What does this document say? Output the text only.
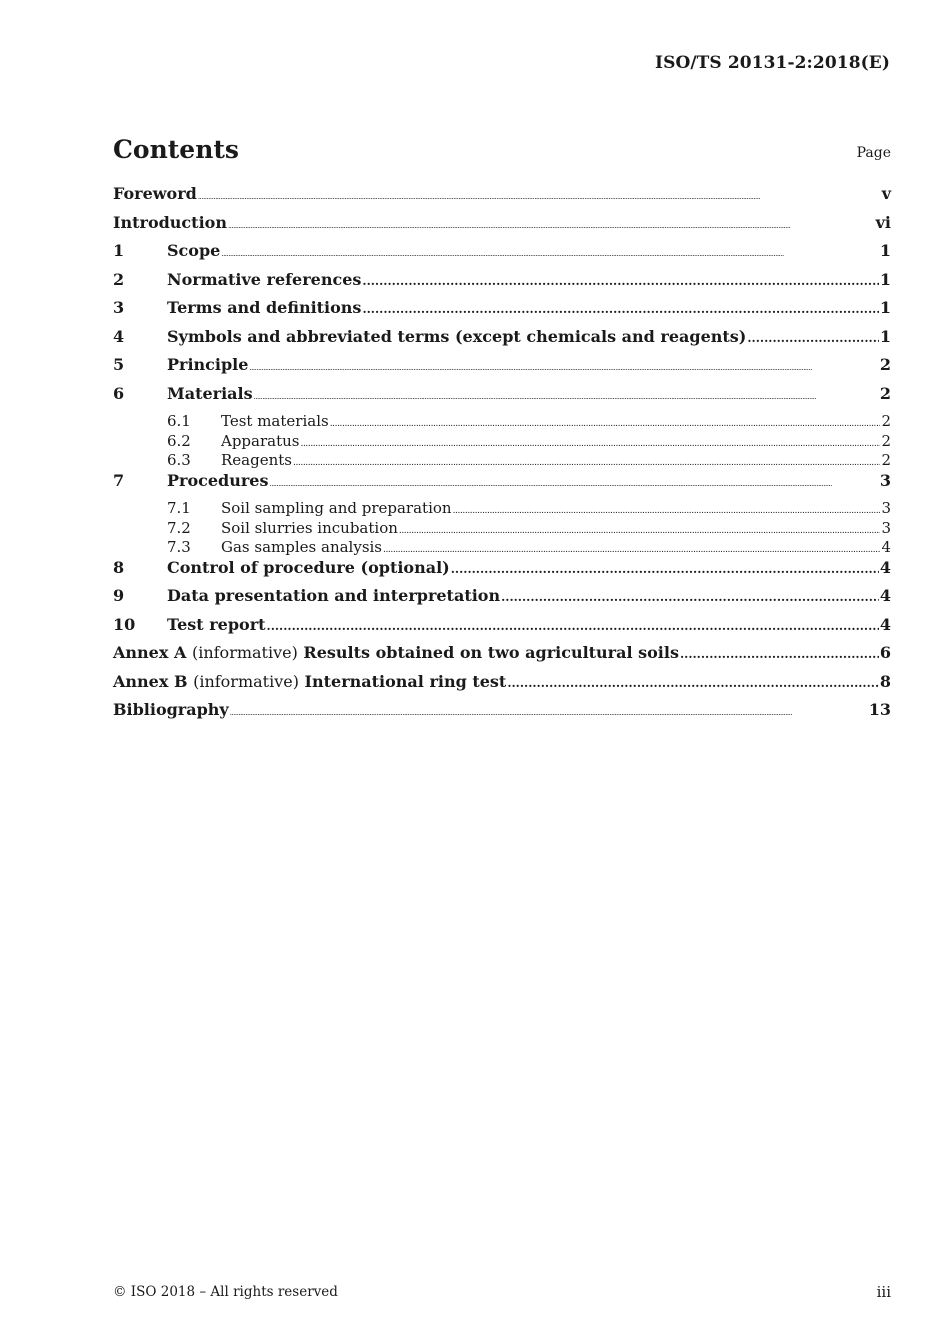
ISO/TS 20131-2:2018(E)
Contents	Page
Foreword .....	v
Introduction .....	vi
1	Scope .....	1
2	Normative references .....	1
3	Terms and definitions .....	1
4	Symbols and abbreviated terms (except chemicals and reagents) .....	1
5	Principle .....	2
6	Materials .....	2
6.1	Test materials .....	2
6.2	Apparatus .....	2
6.3	Reagents .....	2
7	Procedures .....	3
7.1	Soil sampling and preparation .....	3
7.2	Soil slurries incubation .....	3
7.3	Gas samples analysis .....	4
8	Control of procedure (optional) .....	4
9	Data presentation and interpretation .....	4
10	Test report .....	4
Annex A (informative) Results obtained on two agricultural soils .....	6
Annex B (informative) International ring test .....	8
Bibliography .....	13
© ISO 2018 – All rights reserved	iii
